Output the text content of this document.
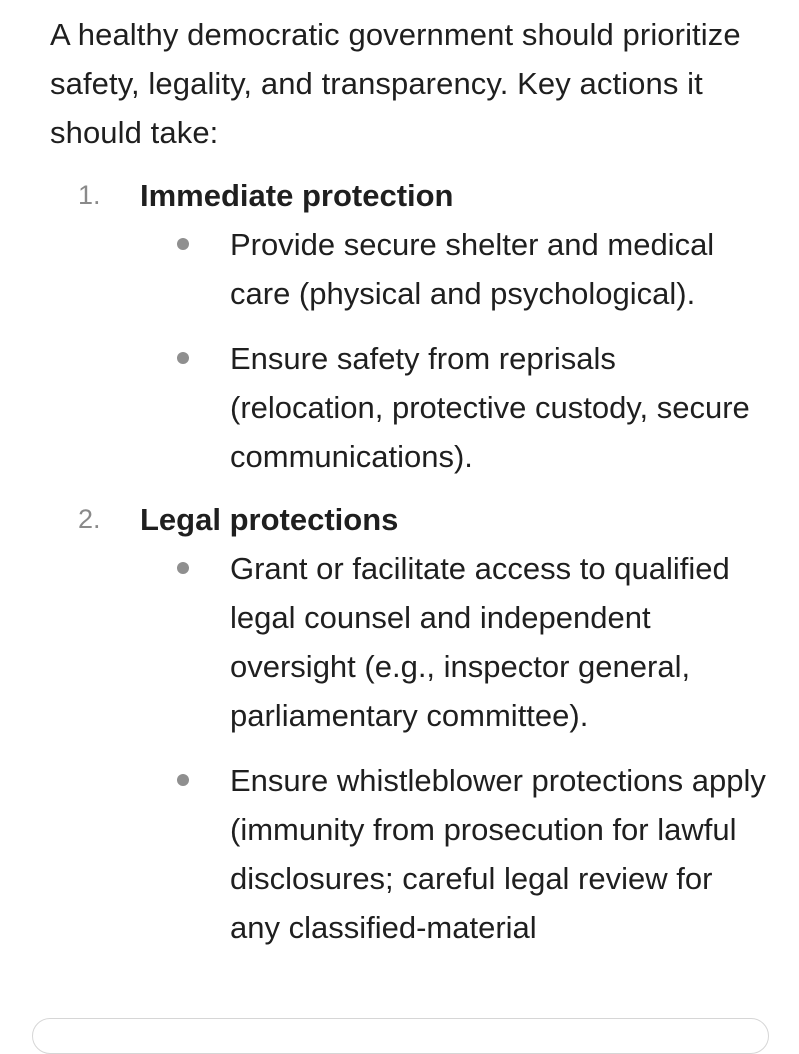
A healthy democratic government should prioritize safety, legality, and transparency. Key actions it should take:

1. Immediate protection
Provide secure shelter and medical care (physical and psychological).
Ensure safety from reprisals (relocation, protective custody, secure communications).
2. Legal protections
Grant or facilitate access to qualified legal counsel and independent oversight (e.g., inspector general, parliamentary committee).
Ensure whistleblower protections apply (immunity from prosecution for lawful disclosures; careful legal review for any classified-material
